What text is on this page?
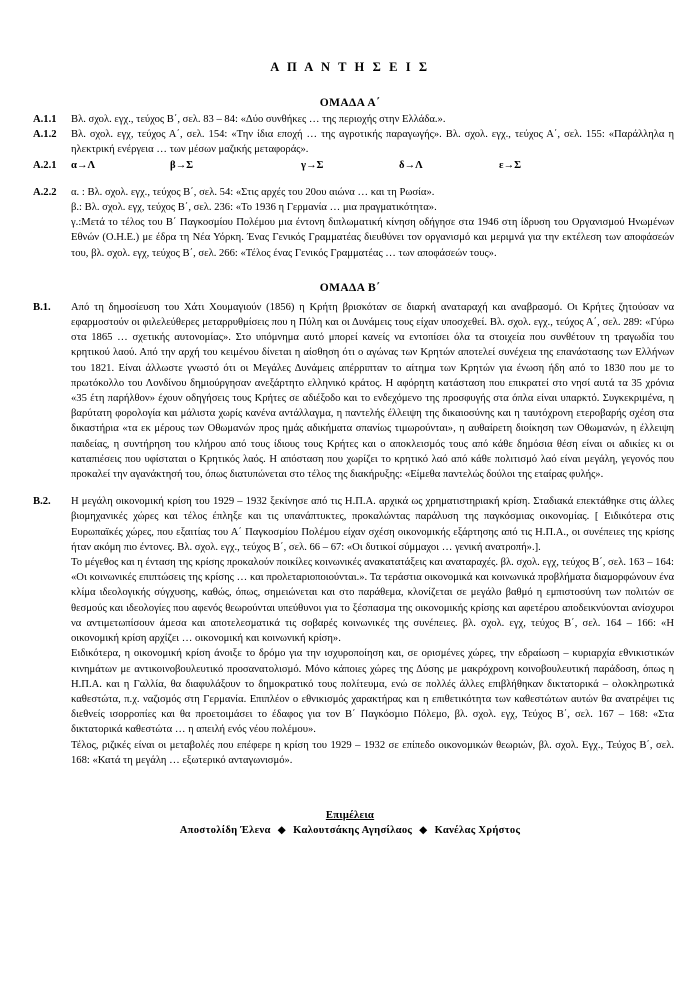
Α Π Α Ν Τ Η Σ Ε Ι Σ
ΟΜΑΔΑ Α΄
Α.1.1	Βλ. σχολ. εγχ., τεύχος Β΄, σελ. 83 – 84: «Δύο συνθήκες … της περιοχής στην Ελλάδα.».
Α.1.2	Βλ. σχολ. εγχ, τεύχος Α΄, σελ. 154: «Την ίδια εποχή … της αγροτικής παραγωγής». Βλ. σχολ. εγχ., τεύχος Α΄, σελ. 155: «Παράλληλα η ηλεκτρική ενέργεια … των μέσων μαζικής μεταφοράς».
Α.2.1	α→Λ	β→Σ	γ→Σ	δ→Λ	ε→Σ
Α.2.2	α. : Βλ. σχολ. εγχ., τεύχος Β΄, σελ. 54: «Στις αρχές του 20ου αιώνα … και τη Ρωσία».

β.: Βλ. σχολ. εγχ, τεύχος Β΄, σελ. 236: «Το 1936 η Γερμανία … μια πραγματικότητα».

γ.:Μετά το τέλος του Β΄ Παγκοσμίου Πολέμου μια έντονη διπλωματική κίνηση οδήγησε στα 1946 στη ίδρυση του Οργανισμού Ηνωμένων Εθνών (Ο.Η.Ε.) με έδρα τη Νέα Υόρκη. Ένας Γενικός Γραμματέας διευθύνει τον οργανισμό και μεριμνά για την εκτέλεση των αποφάσεών του, βλ. σχολ. εγχ, τεύχος Β΄, σελ. 266: «Τέλος ένας Γενικός Γραμματέας … των αποφάσεών τους».

ΟΜΑΔΑ Β΄
Β.1.	Από τη δημοσίευση του Χάτι Χουμαγιούν (1856) η Κρήτη βρισκόταν σε διαρκή αναταραχή και αναβρασμό. Οι Κρήτες ζητούσαν να εφαρμοστούν οι φιλελεύθερες μεταρρυθμίσεις που η Πύλη και οι Δυνάμεις τους είχαν υποσχεθεί. Βλ. σχολ. εγχ., τεύχος Α΄, σελ. 289: «Γύρω στα 1865 … σχετικής αυτονομίας». Στο υπόμνημα αυτό μπορεί κανείς να εντοπίσει όλα τα στοιχεία που συνθέτουν τη τραγωδία του κρητικού λαού. Από την αρχή του κειμένου δίνεται η αίσθηση ότι ο αγώνας των Κρητών αποτελεί συνέχεια της επανάστασης των Ελλήνων του 1821. Είναι άλλωστε γνωστό ότι οι Μεγάλες Δυνάμεις απέρριπταν το αίτημα των Κρητών για ένωση ήδη από το 1830 που με το πρωτόκολλο του Λονδίνου δημιούργησαν ανεξάρτητο ελληνικό κράτος. Η αφόρητη κατάσταση που επικρατεί στο νησί αυτά τα 35 χρόνια «35 έτη παρήλθον» έχουν οδηγήσεις τους Κρήτες σε αδιέξοδο και το ενδεχόμενο της προσφυγής στα όπλα είναι υπαρκτό. Συγκεκριμένα, η βαρύτατη φορολογία και μάλιστα χωρίς κανένα αντάλλαγμα, η παντελής έλλειψη της δικαιοσύνης και η ταυτόχρονη ετεροβαρής σχέση στα δικαστήρια «τα εκ μέρους των Οθωμανών προς ημάς αδικήματα σπανίως τιμωρούνται», η αυθαίρετη διοίκηση των Οθωμανών, η έλλειψη παιδείας, η συντήρηση του κλήρου από τους ίδιους τους Κρήτες και ο αποκλεισμός τους από κάθε δημόσια θέση είναι οι αδικίες κι οι καταπιέσεις που υφίσταται ο Κρητικός λαός. Η απόσταση που χωρίζει το κρητικό λαό από κάθε πολιτισμό λαό είναι μεγάλη, γεγονός που προκαλεί την αγανάκτησή του, όπως διατυπώνεται στο τέλος της διακήρυξης: «Είμεθα παντελώς δούλοι της εταίρας φυλής».
Β.2.	Η μεγάλη οικονομική κρίση του 1929 – 1932 ξεκίνησε από τις Η.Π.Α. αρχικά ως χρηματιστηριακή κρίση. Σταδιακά επεκτάθηκε στις άλλες βιομηχανικές χώρες και τέλος έπληξε και τις υπανάπτυκτες, προκαλώντας παράλυση της παγκόσμιας οικονομίας. [ Ειδικότερα στις Ευρωπαϊκές χώρες, που εξαιτίας του Α΄ Παγκοσμίου Πολέμου είχαν σχέση οικονομικής εξάρτησης από τις Η.Π.Α., οι συνέπειες της κρίσης ήταν ακόμη πιο έντονες. Βλ. σχολ. εγχ., τεύχος Β΄, σελ. 66 – 67: «Οι δυτικοί σύμμαχοι … γενική ανατροπή».].

Το μέγεθος και η ένταση της κρίσης προκαλούν ποικίλες κοινωνικές ανακατατάξεις και αναταραχές. βλ. σχολ. εγχ, τεύχος Β΄, σελ. 163 – 164: «Οι κοινωνικές επιπτώσεις της κρίσης … και προλεταριοποιούνται.». Τα τεράστια οικονομικά και κοινωνικά προβλήματα διαμορφώνουν ένα κλίμα ιδεολογικής σύγχυσης, καθώς, όπως, σημειώνεται και στο παράθεμα, κλονίζεται σε μεγάλο βαθμό η εμπιστοσύνη των πολιτών σε θεσμούς και ιδεολογίες που αφενός θεωρούνται υπεύθυνοι για το ξέσπασμα της οικονομικής κρίσης και αφετέρου αποδεικνύονται ανίσχυροι να αντιμετωπίσουν άμεσα και αποτελεσματικά τις σοβαρές κοινωνικές της συνέπειες. βλ. σχολ. εγχ, τεύχος Β΄, σελ. 164 – 166: «Η οικονομική κρίση αρχίζει … οικονομική και κοινωνική κρίση».

Ειδικότερα, η οικονομική κρίση άνοιξε το δρόμο για την ισχυροποίηση και, σε ορισμένες χώρες, την εδραίωση – κυριαρχία εθνικιστικών κινημάτων με αντικοινοβουλευτικό προσανατολισμό. Μόνο κάποιες χώρες της Δύσης με μακρόχρονη κοινοβουλευτική παράδοση, όπως η Η.Π.Α. και η Γαλλία, θα διαφυλάξουν το δημοκρατικό τους πολίτευμα, ενώ σε πολλές άλλες επιβλήθηκαν δικτατορικά – ολοκληρωτικά καθεστώτα, π.χ. ναζισμός στη Γερμανία. Επιπλέον ο εθνικισμός χαρακτήρας και η επιθετικότητα των καθεστώτων αυτών θα ανατρέψει τις διεθνείς ισορροπίες και θα προετοιμάσει το έδαφος για τον Β΄ Παγκόσμιο Πόλεμο, βλ. σχολ. εγχ, Τεύχος Β΄, σελ. 167 – 168: «Στα δικτατορικά καθεστώτα … η απειλή ενός νέου πολέμου».

Τέλος, ριζικές είναι οι μεταβολές που επέφερε η κρίση του 1929 – 1932 σε επίπεδο οικονομικών θεωριών, βλ. σχολ. Εγχ., Τεύχος Β΄, σελ. 168: «Κατά τη μεγάλη … εξωτερικό ανταγωνισμό».

Επιμέλεια
Αποστολίδη Έλενα ◆ Καλουτσάκης Αγησίλαος ◆ Κανέλας Χρήστος
